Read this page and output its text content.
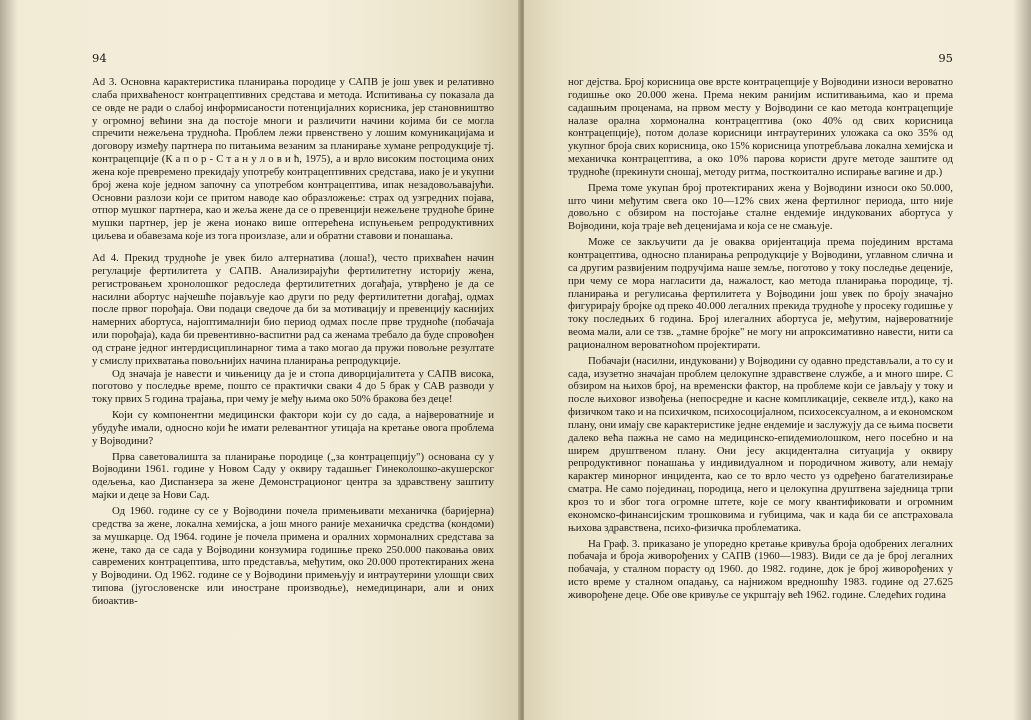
94

Ad 3. Основна карактеристика планирања породице у САПВ је још увек и релативно слаба прихваћеност контрацептивних средстава и метода. Испитивања су показала да се овде не ради о слабој информисаности потенцијалних корисника, јер становништво у огромној већини зна да постоје многи и различити начини којима би се могла спречити нежељена трудноћа. Проблем лежи првенствено у лошим комуникацијама и договору између партнера по питањима везаним за планирање хумане репродукције тј. контрацепције (К а п о р - С т а н у л о в и ћ, 1975), а и врло високим постоцима оних жена које превремено прекидају употребу контрацептивних средстава, иако је и укупни број жена које једном започну са употребом контрацептива, ипак незадовољавајући. Основни разлози који се притом наводе као образложење: страх од узгредних појава, отпор мушког партнера, као и жеља жене да се о превенцији нежељене трудноће брине мушки партнер, јер је жена ионако више оптерећена испуњењем репродуктивних циљева и обавезама које из тога произлазе, али и обратни ставови и понашања.

Ad 4. Прекид трудноће је увек било алтернатива (лоша!), често прихваћен начин регулације фертилитета у САПВ. Анализирајући фертилитетну историју жена, регистровањем хронолошког редоследа фертилитетних догађаја, утврђено је да се насилни абортус најчешће појављује као други по реду фертилитетни догађај, одмах после првог порођаја. Ови подаци сведоче да би за мотивацију и превенцију каснијих намерних абортуса, најоптималнији био период одмах после прве трудноће (побачаја или порођаја), када би превентивно-васпитни рад са женама требало да буде спровођен од стране једног интердисциплинарног тима а тако могао да пружи повољне резултате у смислу прихватања повољнијих начина планирања репродукције.

Од значаја је навести и чињеницу да је и стопа диворцијалитета у САПВ висока, поготово у последње време, пошто се практички свaки 4 до 5 брак у САВ разводи у току првих 5 година трајања, при чему је међу њима око 50% бракова без деце!

Који су компонентни медицински фактори који су до сада, а највероватније и убудуће имали, односно који ће имати релевантног утицаја на кретање овога проблема у Војводини?

Прва саветовалишта за планирање породице („за контрацепцију") основана су у Војводини 1961. године у Новом Саду у оквиру тадашњег Гинеколошко-акушерског одељења, као Диспанзера за жене Демонстрационог центра за здравствену заштиту мајки и деце за Нови Сад.

Од 1960. године су се у Војводини почела примењивати механичка (баријерна) средства за жене, локална хемијска, а још много раније механичка средства (кондоми) за мушкарце. Од 1964. године је почела примена и оралних хормоналних средстава за жене, тако да се сада у Војводини конзумира годишње преко 250.000 паковања ових савремених контрацептива, што представља, међутим, око 20.000 протектираних жена у Војводини. Од 1962. године се у Војводини примењују и интраутерини улошци свих типова (југословенске или иностране производње), немедицинари, али и оних биоактив-

95

ног дејства. Број корисница ове врсте контрацепције у Војводини износи вероватно годишње око 20.000 жена. Према неким ранијим испитивањима, као и према садашњим проценама, на првом месту у Војводини се као метода контрацепције налазе орална хормонална контрацептива (око 40% од свих корисница контрацепције), потом долазе корисници интраутериних уложака са око 35% од укупног броја свих корисница, око 15% корисница употребљава локална хемијска и механичка контрацептива, а око 10% парова користи друге методе заштите од трудноће (прекинути сношај, методу ритма, посткоитално испирање вагине и др.)

Према томе укупан број протектираних жена у Војводини износи око 50.000, што чини међутим свега око 10—12% свих жена фертилног периода, што није довољно с обзиром на постојање сталне ендемије индукованих абортуса у Војводини, која траје већ деценијама и која се не смањује.

Може се закључити да је оваква оријентација према појединим врстама контрацептива, односно планирања репродукције у Војводини, углавном слична и са другим развијеним подручјима наше земље, поготово у току последње деценије, при чему се мора нагласити да, нажалост, као метода планирања породице, тј. планирања и регулисања фертилитета у Војводини још увек по броју значајно фигурирају бројке од преко 40.000 легалних прекида трудноће у просеку годишње у току последњих 6 година. Број илегалних абортуса је, међутим, највероватније веома мали, али се тзв. „тамне бројке" не могу ни апроксимативно навести, нити са рационалном вероватноћом пројектирати.

Побачаји (насилни, индуковани) у Војводини су одавно представљали, а то су и сада, изузетно значајан проблем целокупне здравствене службе, а и много шире. С обзиром на њихов број, на временски фактор, на проблеме који се јављају у току и после њиховог извођења (непосредне и касне компликације, секвеле итд.), како на физичком тако и на психичком, психосоцијалном, психосексуалном, а и економском плану, они имају све карактеристике једне ендемије и заслужују да се њима посвети далеко већа пажња не само на медицинско-епидемиолошком, него посебно и на ширем друштвеном плану. Они јесу акцидентална ситуација у оквиру репродуктивног понашања у индивидуалном и породичном животу, али немају карактер минорног инцидента, као се то врло често уз одређено багателизирање смaтрa. Не само појединац, породица, него и целокупна друштвена заједница трпи кроз то и због тога огромне штете, које се могу квантификовати и огромним економско-финансијским трошковима и губицима, чак и када би се апстраховала њихова здравствена, психо-физичка проблематика.

На Граф. 3. приказано је упоредно кретање кривуља броја одобрених легалних побачаја и броја живорођених у САПВ (1960—1983). Види се да је број легалних побачаја, у сталном порасту од 1960. до 1982. године, док је број живорођених у исто време у сталном опадању, са најнижом вредношћу 1983. године од 27.625 живорођене деце. Обе ове кривуље се укрштају већ 1962. године. Следећих година
